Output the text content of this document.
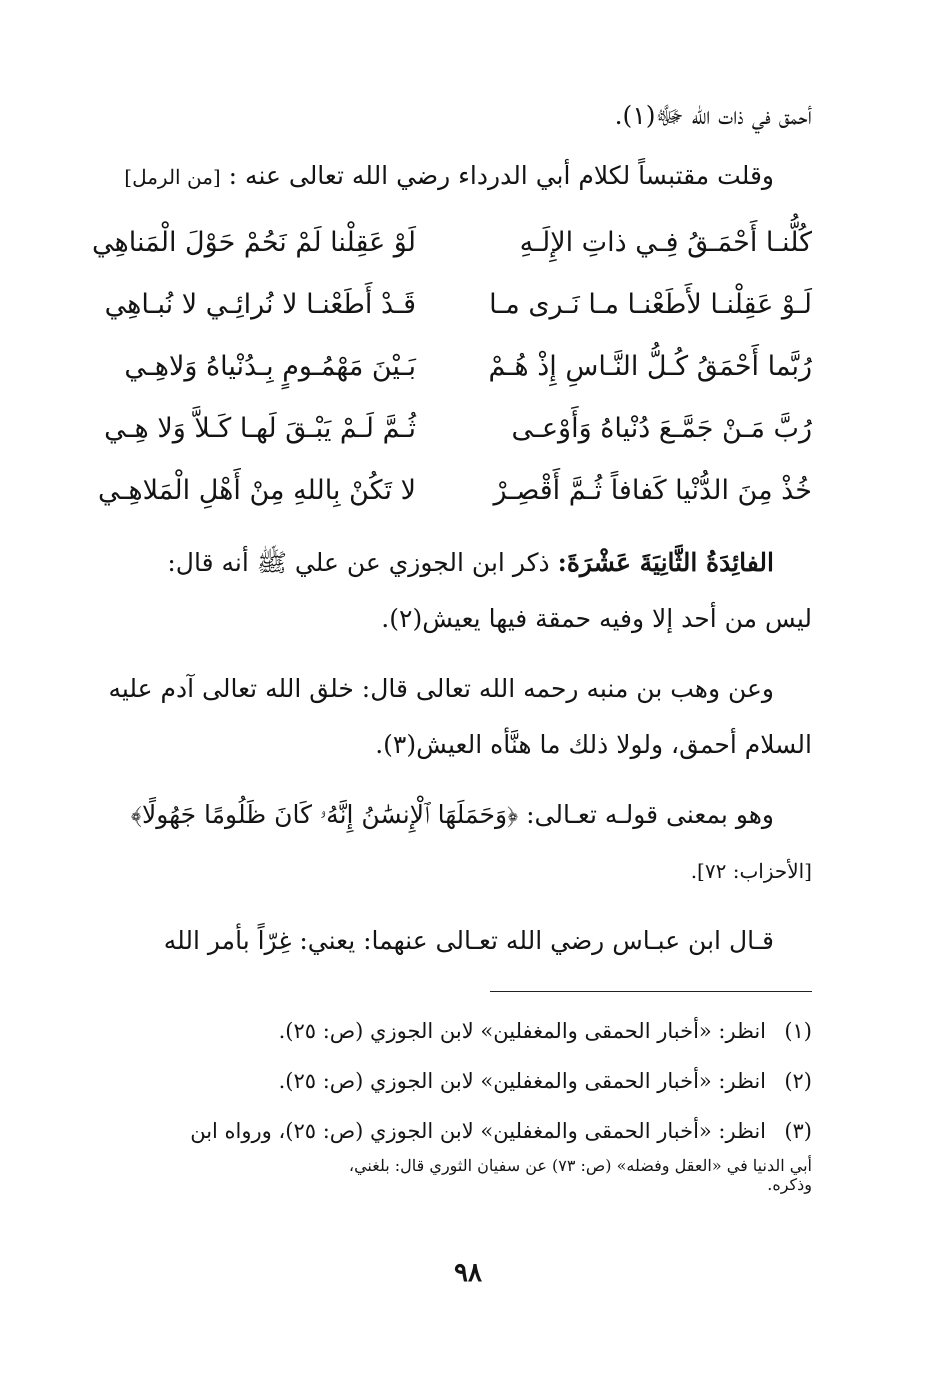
أحمق في ذات الله ﷻ(١).
وقلت مقتبساً لكلام أبي الدرداء رضي الله تعالى عنه : [من الرمل]
كُلُّنـا أَحْمَـقُ فِـي ذاتِ الإِلَـهِ
لَوْ عَقِلْنا لَمْ نَحُمْ حَوْلَ الْمَناهِي
لَـوْ عَقِلْنـا لأَطَعْنـا مـا نَـرى مـا
قَـدْ أَطَعْنـا لا نُرائِـي لا نُبـاهِي
رُبَّما أَحْمَقُ كُـلُّ النَّـاسِ إِذْ هُـمْ
بَـيْنَ مَهْمُـومٍ بِـدُنْياهُ وَلاهِـي
رُبَّ مَـنْ جَمَّـعَ دُنْياهُ وَأَوْعـى
ثُـمَّ لَـمْ يَبْـقَ لَهـا كَـلاَّ وَلا هِـي
خُذْ مِنَ الدُّنْيا كَفافاً ثُـمَّ أَقْصِـرْ
لا تَكُنْ بِاللهِ مِنْ أَهْلِ الْمَلاهِـي
الفائِدَةُ الثَّانِيَةَ عَشْرَةَ: ذكر ابن الجوزي عن علي ﷺ أنه قال:
ليس من أحد إلا وفيه حمقة فيها يعيش(٢).
وعن وهب بن منبه رحمه الله تعالى قال: خلق الله تعالى آدم عليه
السلام أحمق، ولولا ذلك ما هنَّأه العيش(٣).
وهو بمعنى قولـه تعـالى: ﴿وَحَمَلَهَا ٱلْإِنسَٰنُ إِنَّهُۥ كَانَ ظَلُومًا جَهُولًا﴾
[الأحزاب: ٧٢].
قـال ابن عبـاس رضي الله تعـالى عنهما: يعني: غِرّاً بأمر الله
(١)
انظر: «أخبار الحمقى والمغفلين» لابن الجوزي (ص: ٢٥).
(٢)
انظر: «أخبار الحمقى والمغفلين» لابن الجوزي (ص: ٢٥).
(٣)
انظر: «أخبار الحمقى والمغفلين» لابن الجوزي (ص: ٢٥)، ورواه ابن
أبي الدنيا في «العقل وفضله» (ص: ٧٣) عن سفيان الثوري قال: بلغني،
وذكره.
٩٨
